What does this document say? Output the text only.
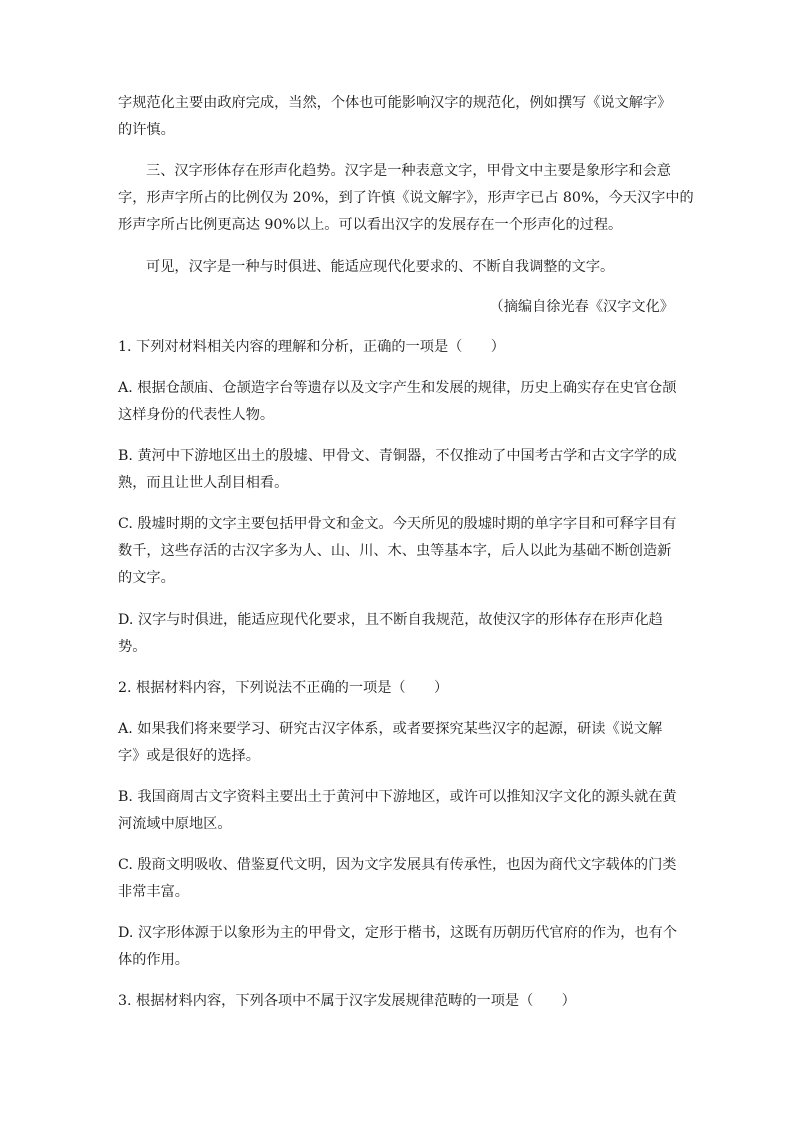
字规范化主要由政府完成，当然，个体也可能影响汉字的规范化，例如撰写《说文解字》
的许慎。

三、汉字形体存在形声化趋势。汉字是一种表意文字，甲骨文中主要是象形字和会意
字，形声字所占的比例仅为 20%，到了许慎《说文解字》，形声字已占 80%，今天汉字中的
形声字所占比例更高达 90%以上。可以看出汉字的发展存在一个形声化的过程。

可见，汉字是一种与时俱进、能适应现代化要求的、不断自我调整的文字。

（摘编自徐光春《汉字文化》

1. 下列对材料相关内容的理解和分析，正确的一项是（　　）

A. 根据仓颉庙、仓颉造字台等遗存以及文字产生和发展的规律，历史上确实存在史官仓颉
这样身份的代表性人物。

B. 黄河中下游地区出土的殷墟、甲骨文、青铜器，不仅推动了中国考古学和古文字学的成
熟，而且让世人刮目相看。

C. 殷墟时期的文字主要包括甲骨文和金文。今天所见的殷墟时期的单字字目和可释字目有
数千，这些存活的古汉字多为人、山、川、木、虫等基本字，后人以此为基础不断创造新
的文字。

D. 汉字与时俱进，能适应现代化要求，且不断自我规范，故使汉字的形体存在形声化趋
势。

2. 根据材料内容，下列说法不正确的一项是（　　）

A. 如果我们将来要学习、研究古汉字体系，或者要探究某些汉字的起源，研读《说文解
字》或是很好的选择。

B. 我国商周古文字资料主要出土于黄河中下游地区，或许可以推知汉字文化的源头就在黄
河流域中原地区。

C. 殷商文明吸收、借鉴夏代文明，因为文字发展具有传承性，也因为商代文字载体的门类
非常丰富。

D. 汉字形体源于以象形为主的甲骨文，定形于楷书，这既有历朝历代官府的作为，也有个
体的作用。

3. 根据材料内容，下列各项中不属于汉字发展规律范畴的一项是（　　）
